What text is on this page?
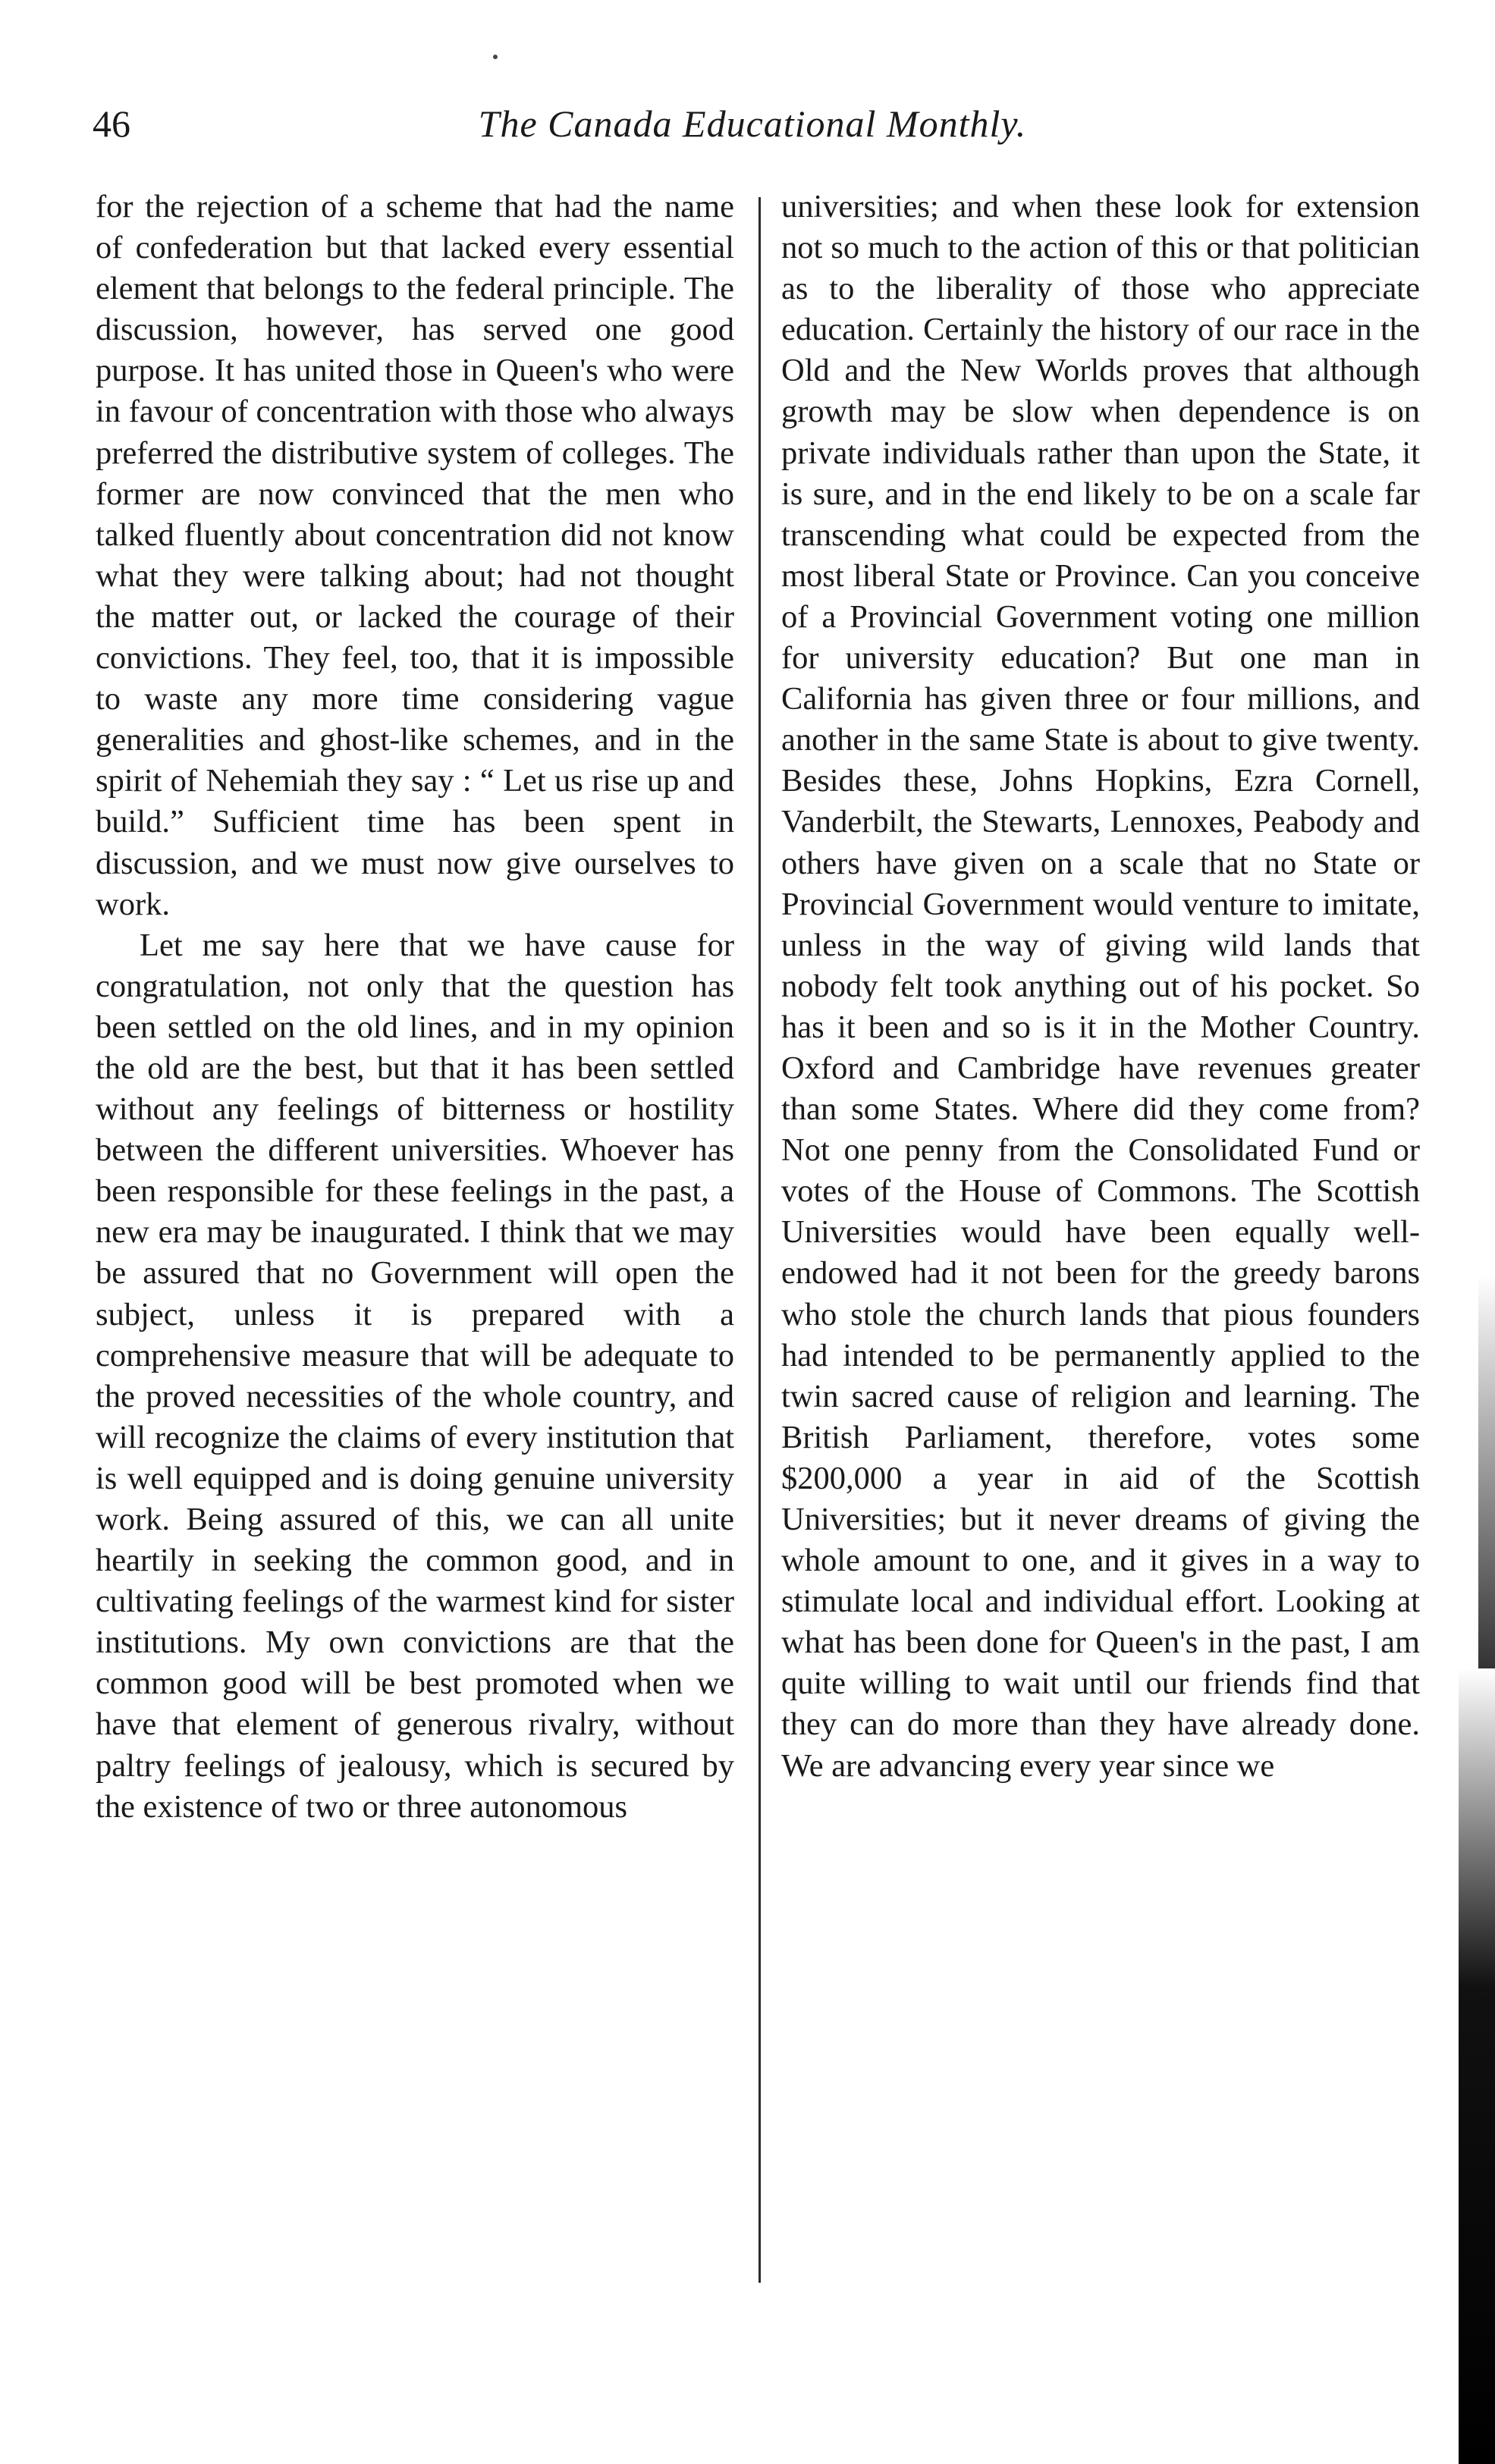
46	The Canada Educational Monthly.

for the rejection of a scheme that had the name of confederation but that lacked every essential element that belongs to the federal principle. The discussion, however, has served one good purpose. It has united those in Queen's who were in favour of concentration with those who always preferred the distributive system of colleges. The former are now convinced that the men who talked fluently about concentration did not know what they were talking about; had not thought the matter out, or lacked the courage of their convictions. They feel, too, that it is impossible to waste any more time considering vague generalities and ghost-like schemes, and in the spirit of Nehemiah they say : “ Let us rise up and build.” Sufficient time has been spent in discussion, and we must now give ourselves to work.

Let me say here that we have cause for congratulation, not only that the question has been settled on the old lines, and in my opinion the old are the best, but that it has been settled without any feelings of bitterness or hostility between the different universities. Whoever has been responsible for these feelings in the past, a new era may be inaugurated. I think that we may be assured that no Government will open the subject, unless it is prepared with a comprehensive measure that will be adequate to the proved necessities of the whole country, and will recognize the claims of every institution that is well equipped and is doing genuine university work. Being assured of this, we can all unite heartily in seeking the common good, and in cultivating feelings of the warmest kind for sister institutions. My own convictions are that the common good will be best promoted when we have that element of generous rivalry, without paltry feelings of jealousy, which is secured by the existence of two or three autonomous

universities; and when these look for extension not so much to the action of this or that politician as to the liberality of those who appreciate education. Certainly the history of our race in the Old and the New Worlds proves that although growth may be slow when dependence is on private individuals rather than upon the State, it is sure, and in the end likely to be on a scale far transcending what could be expected from the most liberal State or Province. Can you conceive of a Provincial Government voting one million for university education? But one man in California has given three or four millions, and another in the same State is about to give twenty. Besides these, Johns Hopkins, Ezra Cornell, Vanderbilt, the Stewarts, Lennoxes, Peabody and others have given on a scale that no State or Provincial Government would venture to imitate, unless in the way of giving wild lands that nobody felt took anything out of his pocket. So has it been and so is it in the Mother Country. Oxford and Cambridge have revenues greater than some States. Where did they come from? Not one penny from the Consolidated Fund or votes of the House of Commons. The Scottish Universities would have been equally well-endowed had it not been for the greedy barons who stole the church lands that pious founders had intended to be permanently applied to the twin sacred cause of religion and learning. The British Parliament, therefore, votes some $200,000 a year in aid of the Scottish Universities; but it never dreams of giving the whole amount to one, and it gives in a way to stimulate local and individual effort. Looking at what has been done for Queen's in the past, I am quite willing to wait until our friends find that they can do more than they have already done. We are advancing every year since we
